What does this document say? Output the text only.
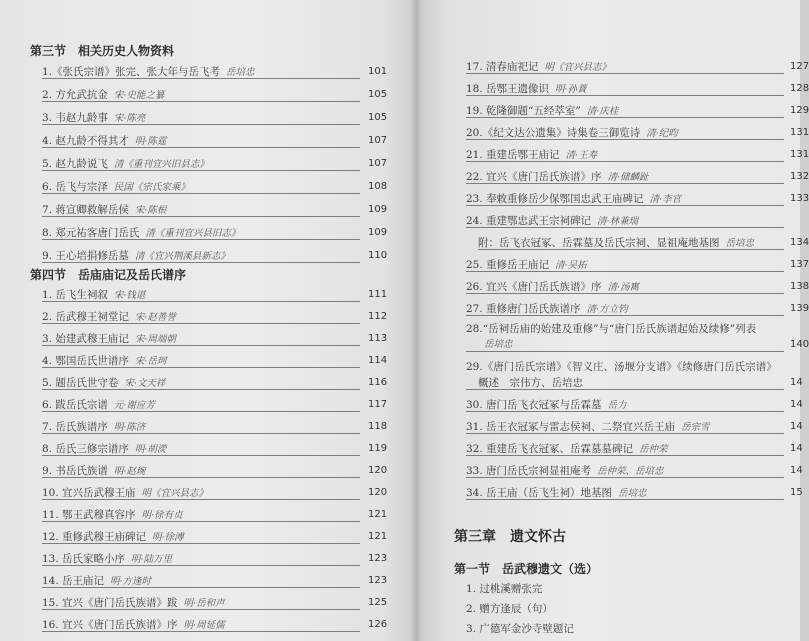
第三节　相关历史人物资料
1.《张氏宗谱》张完、张大年与岳飞考 岳培忠	101
2. 方允武抗金 宋·史能之纂	105
3. 韦赵九龄事 宋·陈亮	105
4. 赵九龄不得其才 明·陈霆	107
5. 赵九龄说飞 清《重刊宜兴旧县志》	107
6. 岳飞与宗泽 民国《宗氏家乘》	108
7. 蒋宣卿救解岳侯 宋·陈根	109
8. 郑元祐客唐门岳氏 清《重刊宜兴县旧志》	109
9. 王心培捐修岳墓 清《宜兴荆溪县新志》	110
第四节　岳庙庙记及岳氏谱序
1. 岳飞生祠叙 宋·钱谌	111
2. 岳武穆王祠堂记 宋·赵善誉	112
3. 始建武穆王庙记 宋·周端朝	113
4. 鄂国岳氏世谱序 宋·岳珂	114
5. 题岳氏世守卷 宋·文天祥	116
6. 跋岳氏宗谱 元·谢应芳	117
7. 岳氏族谱序 明·陈济	118
8. 岳氏三修宗谱序 明·胡濙	119
9. 书岳氏族谱 明·赵琬	120
10. 宜兴岳武穆王庙 明《宜兴县志》	120
11. 鄂王武穆真容序 明·徐有贞	121
12. 重修武穆王庙碑记 明·徐溥	121
13. 岳氏家略小序 明·陆万里	123
14. 岳王庙记 明·方逢时	123
15. 宜兴《唐门岳氏族谱》跋 明·岳和声	125
16. 宜兴《唐门岳氏族谱》序 明·周延儒	126
17. 清春庙祀记 明《宜兴县志》	127
18. 岳鄂王遗像识 明·孙蕡	128
19. 乾隆御题“五经萃室” 清·庆桂	129
20.《纪文达公遗集》诗集卷三御览诗 清·纪昀	131
21. 重建岳鄂王庙记 清·王寿	131
22. 宜兴《唐门岳氏族谱》序 清·储麟趾	132
23. 奉敕重修岳少保鄂国忠武王庙碑记 清·李官	133
24. 重建鄂忠武王宗祠碑记 清·林兼瑞
附：岳飞衣冠冢、岳霖墓及岳氏宗祠、显祖庵地基图 岳培忠	134
25. 重修岳王庙记 清·吴拓	137
26. 宜兴《唐门岳氏族谱》序 清·汤寯	138
27. 重修唐门岳氏族谱序 清·方立钧	139
28.“岳祠岳庙的始建及重修”与“唐门岳氏族谱起始及续修”列表
岳培忠	140
29.《唐门岳氏宗谱》《智义庄、汤堰分支谱》《续修唐门岳氏宗谱》
概述　宗伟方、岳培忠	14
30. 唐门岳飞衣冠冢与岳霖墓 岳力	14
31. 岳王衣冠冢与雷志侯祠、二祭宜兴岳王庙 岳宗雪	14
32. 重建岳飞衣冠冢、岳霖墓墓碑记 岳仲荣	14
33. 唐门岳氏宗祠显祖庵考 岳仲荣、岳培忠	14
34. 岳王庙（岳飞生祠）地基图 岳培忠	15
第三章　遗文怀古
第一节　岳武穆遗文（选）
1. 过桃溪赠张完
2. 赠方逢辰（句）
3. 广德军金沙寺壁题记
